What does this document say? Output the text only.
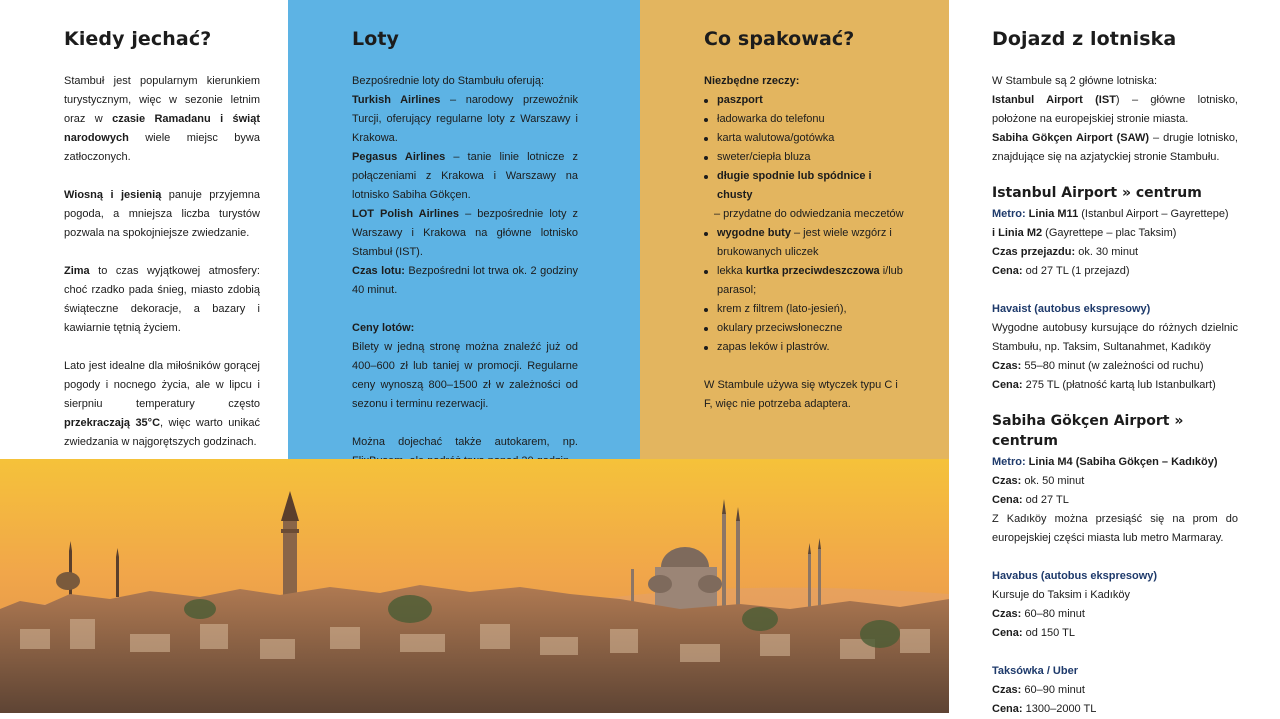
Kiedy jechać?

Stambuł jest popularnym kierunkiem turystycznym, więc w sezonie letnim oraz w czasie Ramadanu i świąt narodowych wiele miejsc bywa zatłoczonych.

Wiosną i jesienią panuje przyjemna pogoda, a mniejsza liczba turystów pozwala na spokojniejsze zwiedzanie.

Zima to czas wyjątkowej atmosfery: choć rzadko pada śnieg, miasto zdobią świąteczne dekoracje, a bazary i kawiarnie tętnią życiem.

Lato jest idealne dla miłośników gorącej pogody i nocnego życia, ale w lipcu i sierpniu temperatury często przekraczają 35°C, więc warto unikać zwiedzania w najgorętszych godzinach.

Loty

Bezpośrednie loty do Stambułu oferują:

Turkish Airlines – narodowy przewoźnik Turcji, oferujący regularne loty z Warszawy i Krakowa.

Pegasus Airlines – tanie linie lotnicze z połączeniami z Krakowa i Warszawy na lotnisko Sabiha Gökçen.

LOT Polish Airlines – bezpośrednie loty z Warszawy i Krakowa na główne lotnisko Stambuł (IST).

Czas lotu: Bezpośredni lot trwa ok. 2 godziny 40 minut.

Ceny lotów:

Bilety w jedną stronę można znaleźć już od 400–600 zł lub taniej w promocji. Regularne ceny wynoszą 800–1500 zł w zależności od sezonu i terminu rezerwacji.

Można dojechać także autokarem, np.

Co spakować?

Niezbędne rzeczy:

paszport
ładowarka do telefonu
karta walutowa/gotówka
sweter/ciepła bluza
długie spodnie lub spódnice i chusty
– przydatne do odwiedzania meczetów
wygodne buty – jest wiele wzgórz i brukowanych uliczek
lekka kurtka przeciwdeszczowa i/lub parasol;
krem z filtrem (lato-jesień),
okulary przeciwsłoneczne
zapas leków i plastrów.

W Stambule używa się wtyczek typu C i F, więc nie potrzeba adaptera.

Dojazd z lotniska

W Stambule są 2 główne lotniska:

Istanbul Airport (IST) – główne lotnisko, położone na europejskiej stronie miasta.

Sabiha Gökçen Airport (SAW) – drugie lotnisko, znajdujące się na azjatyckiej stronie Stambułu.

Istanbul Airport » centrum

Metro: Linia M11 (Istanbul Airport – Gayrettepe)

i Linia M2 (Gayrettepe – plac Taksim)

Czas przejazdu: ok. 30 minut

Cena: od 27 TL (1 przejazd)

Havaist (autobus ekspresowy)

Wygodne autobusy kursujące do różnych dzielnic Stambułu, np. Taksim, Sultanahmet, Kadıköy

Czas: 55–80 minut (w zależności od ruchu)

Cena: 275 TL (płatność kartą lub Istanbulkart)

Sabiha Gökçen Airport » centrum

Metro: Linia M4 (Sabiha Gökçen – Kadıköy)

Czas: ok. 50 minut

Cena: od 27 TL

Z Kadıköy można przesiąść się na prom do europejskiej części miasta lub metro Marmaray.

Havabus (autobus ekspresowy)

Kursuje do Taksim i Kadıköy

Czas: 60–80 minut

Cena: od 150 TL

Taksówka / Uber

Czas: 60–90 minut

Cena: 1300–2000 TL
